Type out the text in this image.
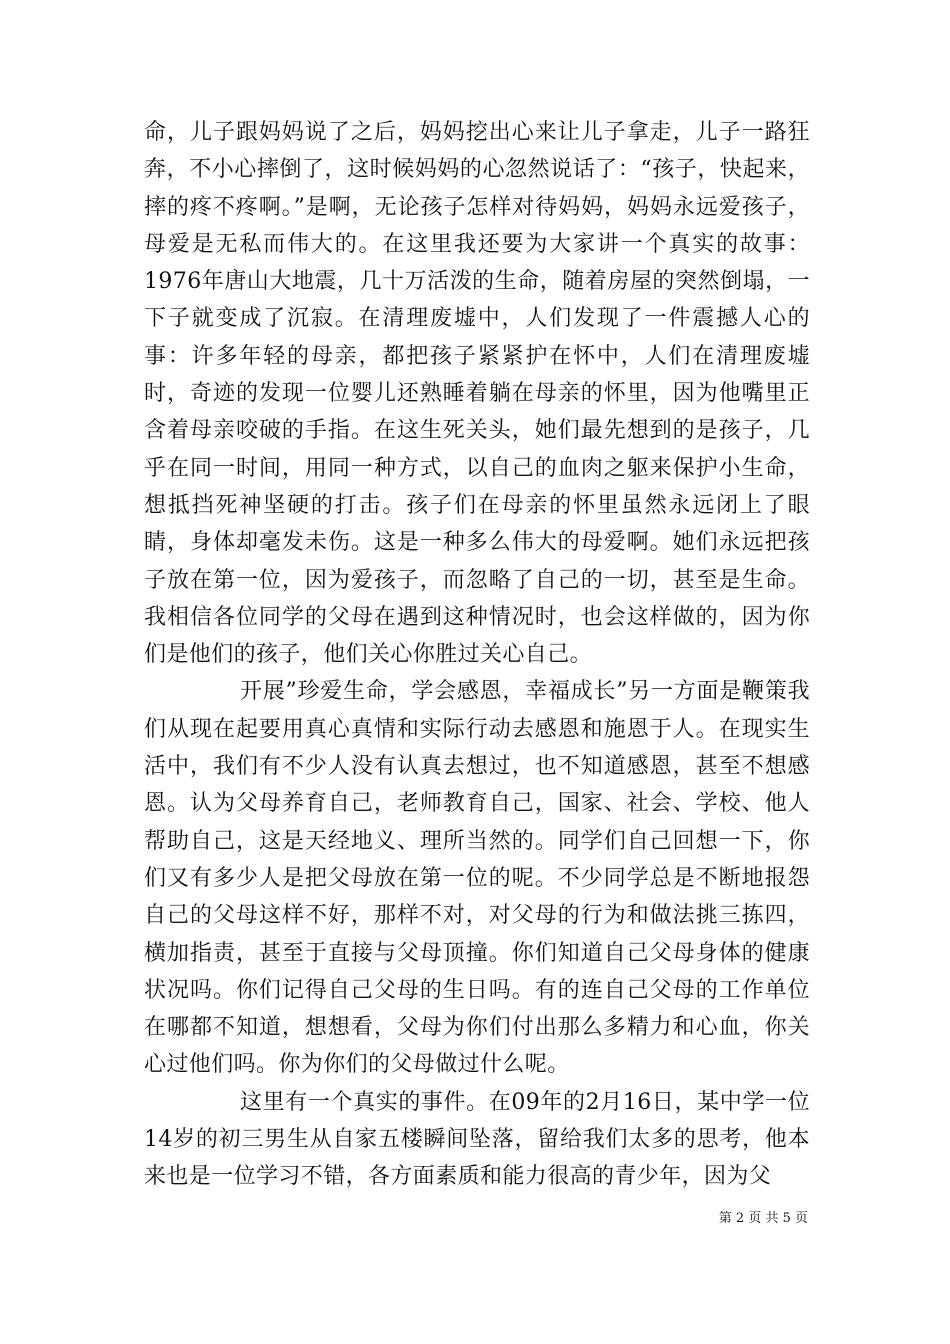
命，儿子跟妈妈说了之后，妈妈挖出心来让儿子拿走，儿子一路狂奔，不小心摔倒了，这时候妈妈的心忽然说话了：“孩子，快起来，摔的疼不疼啊。”是啊，无论孩子怎样对待妈妈，妈妈永远爱孩子，母爱是无私而伟大的。在这里我还要为大家讲一个真实的故事：1976年唐山大地震，几十万活泼的生命，随着房屋的突然倒塌，一下子就变成了沉寂。在清理废墟中，人们发现了一件震撼人心的事：许多年轻的母亲，都把孩子紧紧护在怀中，人们在清理废墟时，奇迹的发现一位婴儿还熟睡着躺在母亲的怀里，因为他嘴里正含着母亲咬破的手指。在这生死关头，她们最先想到的是孩子，几乎在同一时间，用同一种方式，以自己的血肉之躯来保护小生命，想抵挡死神坚硬的打击。孩子们在母亲的怀里虽然永远闭上了眼睛，身体却毫发未伤。这是一种多么伟大的母爱啊。她们永远把孩子放在第一位，因为爱孩子，而忽略了自己的一切，甚至是生命。我相信各位同学的父母在遇到这种情况时，也会这样做的，因为你们是他们的孩子，他们关心你胜过关心自己。

开展”珍爱生命，学会感恩，幸福成长”另一方面是鞭策我们从现在起要用真心真情和实际行动去感恩和施恩于人。在现实生活中，我们有不少人没有认真去想过，也不知道感恩，甚至不想感恩。认为父母养育自己，老师教育自己，国家、社会、学校、他人帮助自己，这是天经地义、理所当然的。同学们自己回想一下，你们又有多少人是把父母放在第一位的呢。不少同学总是不断地报怨自己的父母这样不好，那样不对，对父母的行为和做法挑三拣四，横加指责，甚至于直接与父母顶撞。你们知道自己父母身体的健康状况吗。你们记得自己父母的生日吗。有的连自己父母的工作单位在哪都不知道，想想看，父母为你们付出那么多精力和心血，你关心过他们吗。你为你们的父母做过什么呢。

这里有一个真实的事件。在09年的2月16日，某中学一位14岁的初三男生从自家五楼瞬间坠落，留给我们太多的思考，他本来也是一位学习不错，各方面素质和能力很高的青少年，因为父

第 2 页 共 5 页
